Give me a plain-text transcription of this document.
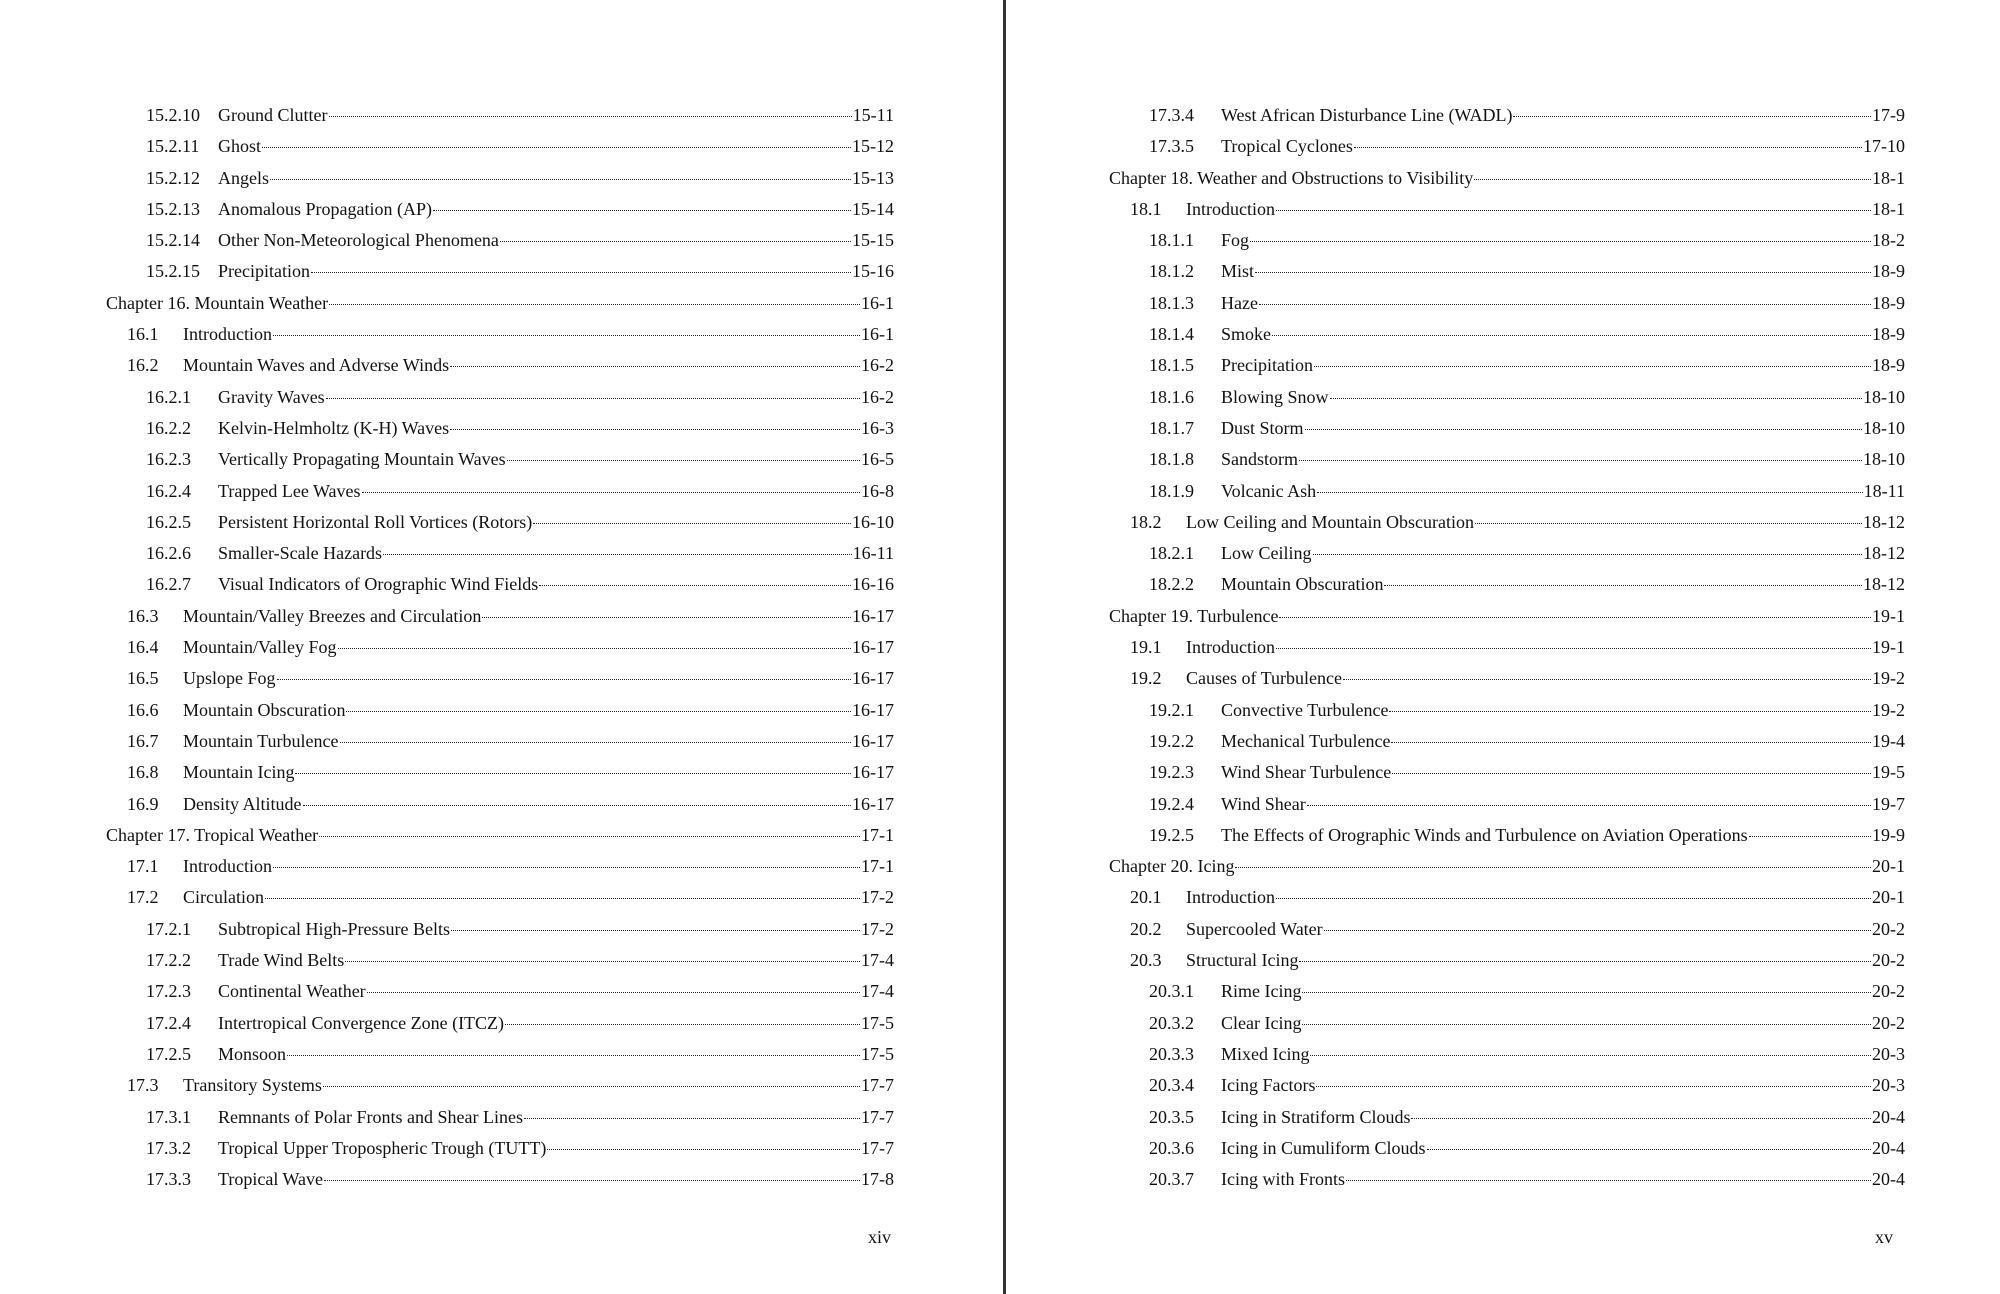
15.2.10	Ground Clutter	15-11
15.2.11	Ghost	15-12
15.2.12	Angels	15-13
15.2.13	Anomalous Propagation (AP)	15-14
15.2.14	Other Non-Meteorological Phenomena	15-15
15.2.15	Precipitation	15-16
Chapter 16. Mountain Weather	16-1
16.1	Introduction	16-1
16.2	Mountain Waves and Adverse Winds	16-2
16.2.1	Gravity Waves	16-2
16.2.2	Kelvin-Helmholtz (K-H) Waves	16-3
16.2.3	Vertically Propagating Mountain Waves	16-5
16.2.4	Trapped Lee Waves	16-8
16.2.5	Persistent Horizontal Roll Vortices (Rotors)	16-10
16.2.6	Smaller-Scale Hazards	16-11
16.2.7	Visual Indicators of Orographic Wind Fields	16-16
16.3	Mountain/Valley Breezes and Circulation	16-17
16.4	Mountain/Valley Fog	16-17
16.5	Upslope Fog	16-17
16.6	Mountain Obscuration	16-17
16.7	Mountain Turbulence	16-17
16.8	Mountain Icing	16-17
16.9	Density Altitude	16-17
Chapter 17. Tropical Weather	17-1
17.1	Introduction	17-1
17.2	Circulation	17-2
17.2.1	Subtropical High-Pressure Belts	17-2
17.2.2	Trade Wind Belts	17-4
17.2.3	Continental Weather	17-4
17.2.4	Intertropical Convergence Zone (ITCZ)	17-5
17.2.5	Monsoon	17-5
17.3	Transitory Systems	17-7
17.3.1	Remnants of Polar Fronts and Shear Lines	17-7
17.3.2	Tropical Upper Tropospheric Trough (TUTT)	17-7
17.3.3	Tropical Wave	17-8
xiv
17.3.4	West African Disturbance Line (WADL)	17-9
17.3.5	Tropical Cyclones	17-10
Chapter 18. Weather and Obstructions to Visibility	18-1
18.1	Introduction	18-1
18.1.1	Fog	18-2
18.1.2	Mist	18-9
18.1.3	Haze	18-9
18.1.4	Smoke	18-9
18.1.5	Precipitation	18-9
18.1.6	Blowing Snow	18-10
18.1.7	Dust Storm	18-10
18.1.8	Sandstorm	18-10
18.1.9	Volcanic Ash	18-11
18.2	Low Ceiling and Mountain Obscuration	18-12
18.2.1	Low Ceiling	18-12
18.2.2	Mountain Obscuration	18-12
Chapter 19. Turbulence	19-1
19.1	Introduction	19-1
19.2	Causes of Turbulence	19-2
19.2.1	Convective Turbulence	19-2
19.2.2	Mechanical Turbulence	19-4
19.2.3	Wind Shear Turbulence	19-5
19.2.4	Wind Shear	19-7
19.2.5	The Effects of Orographic Winds and Turbulence on Aviation Operations	19-9
Chapter 20. Icing	20-1
20.1	Introduction	20-1
20.2	Supercooled Water	20-2
20.3	Structural Icing	20-2
20.3.1	Rime Icing	20-2
20.3.2	Clear Icing	20-2
20.3.3	Mixed Icing	20-3
20.3.4	Icing Factors	20-3
20.3.5	Icing in Stratiform Clouds	20-4
20.3.6	Icing in Cumuliform Clouds	20-4
20.3.7	Icing with Fronts	20-4
xv
